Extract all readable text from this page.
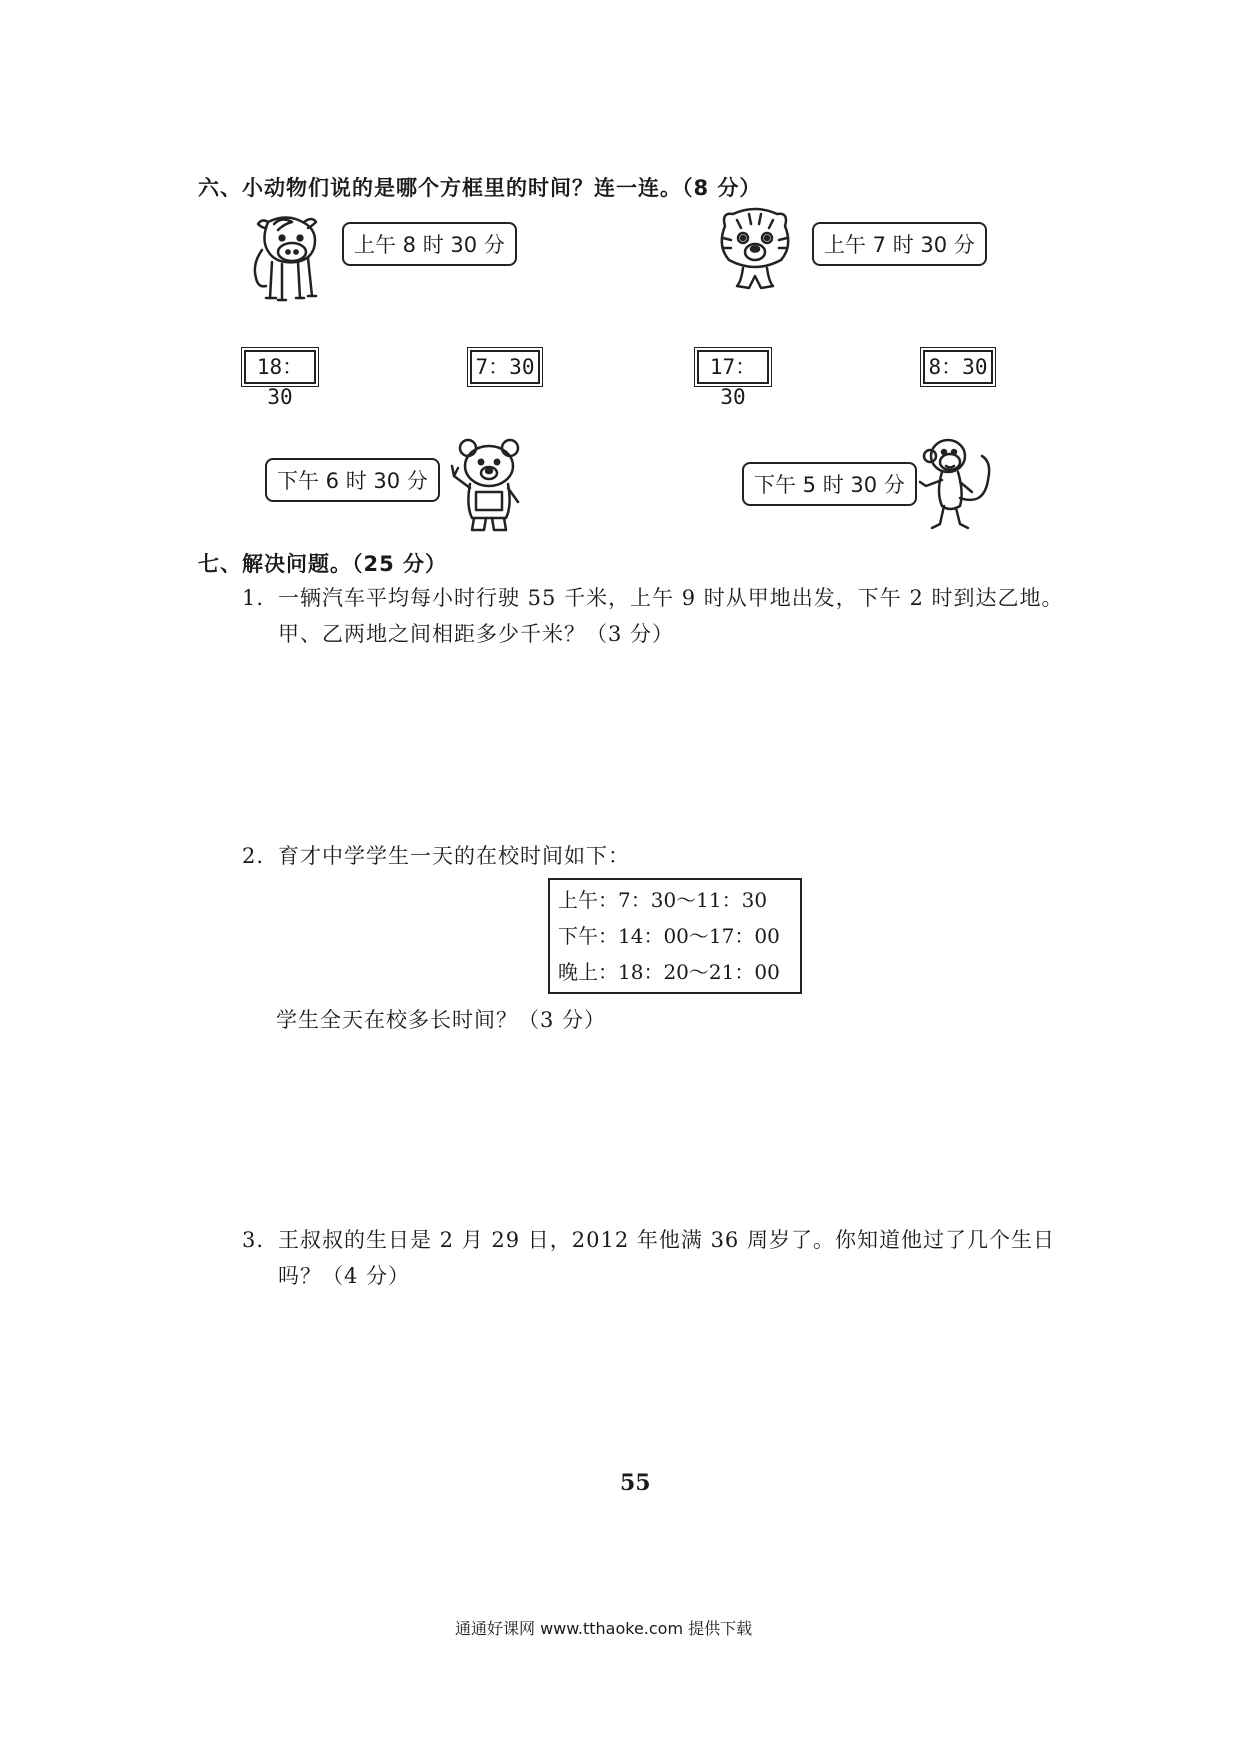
六、小动物们说的是哪个方框里的时间？连一连。（8 分）
上午 8 时 30 分	上午 7 时 30 分
18：30
7：30	17：30
8：30
下午 6 时 30 分	下午 5 时 30 分
七、解决问题。（25 分）
1. 一辆汽车平均每小时行驶 55 千米，上午 9 时从甲地出发，下午 2 时到达乙地。甲、乙两地之间相距多少千米？（3 分）
2. 育才中学学生一天的在校时间如下：
上午：7：30～11：30
下午：14：00～17：00
晚上：18：20～21：00
学生全天在校多长时间？（3 分）
3. 王叔叔的生日是 2 月 29 日，2012 年他满 36 周岁了。你知道他过了几个生日吗？（4 分）
55
通通好课网 www.tthaoke.com 提供下载
